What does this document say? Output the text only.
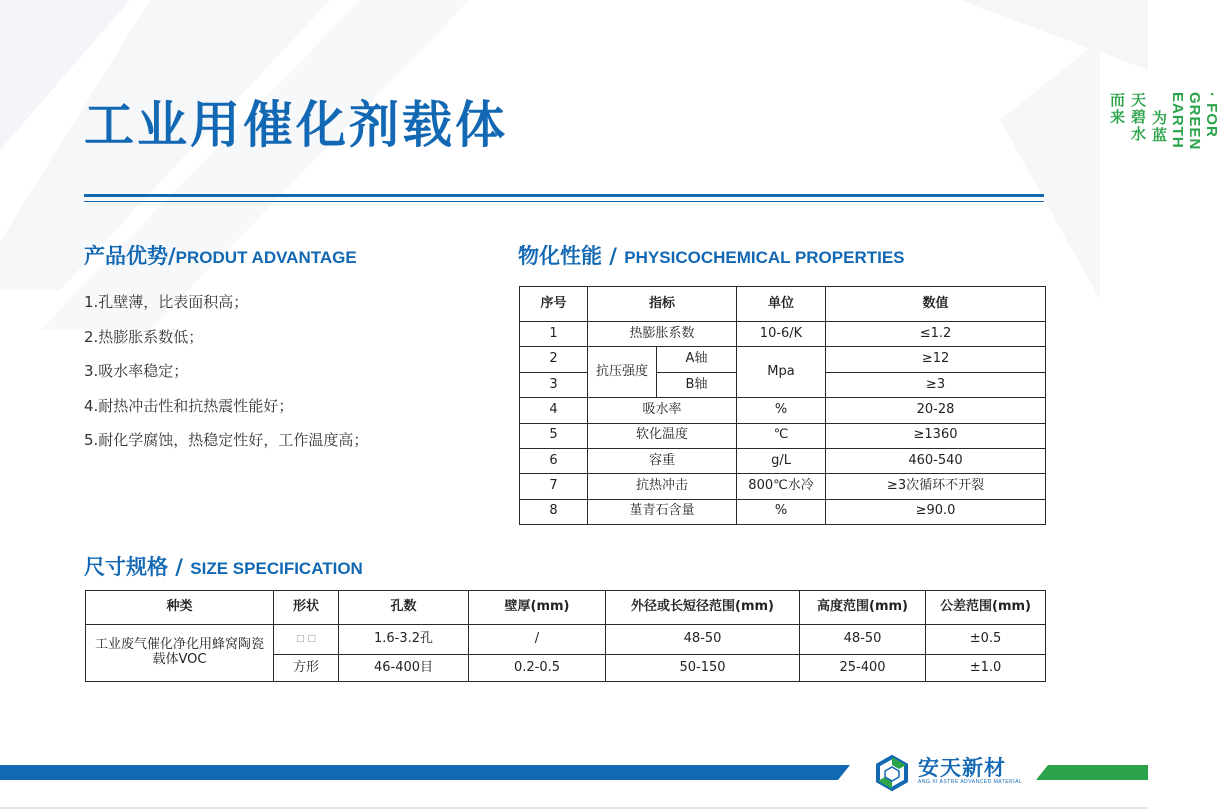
工业用催化剂载体	· FOR GREEN EARTH 为蓝天碧水而来
产品优势/PRODUT ADVANTAGE
1.孔壁薄，比表面积高；
2.热膨胀系数低；
3.吸水率稳定；
4.耐热冲击性和抗热震性能好；
5.耐化学腐蚀，热稳定性好，工作温度高；
物化性能 / PHYSICOCHEMICAL PROPERTIES
序号	指标		单位	数值
1	热膨胀系数		10-6/K	≤1.2
2	抗压强度	A轴	Mpa	≥12
3		B轴		≥3
4	吸水率		%	20-28
5	软化温度		℃	≥1360
6	容重		g/L	460-540
7	抗热冲击		800℃水冷	≥3次循环不开裂
8	堇青石含量		%	≥90.0
尺寸规格 / SIZE SPECIFICATION
种类	形状	孔数	壁厚(mm)	外径或长短径范围(mm)	高度范围(mm)	公差范围(mm)
工业废气催化净化用蜂窝陶瓷载体VOC	□ □	1.6-3.2孔	/	48-50	48-50	±0.5
	方形	46-400目	0.2-0.5	50-150	25-400	±1.0
安天新材
ANG XI ASTRE ADVANCED MATERIAL
